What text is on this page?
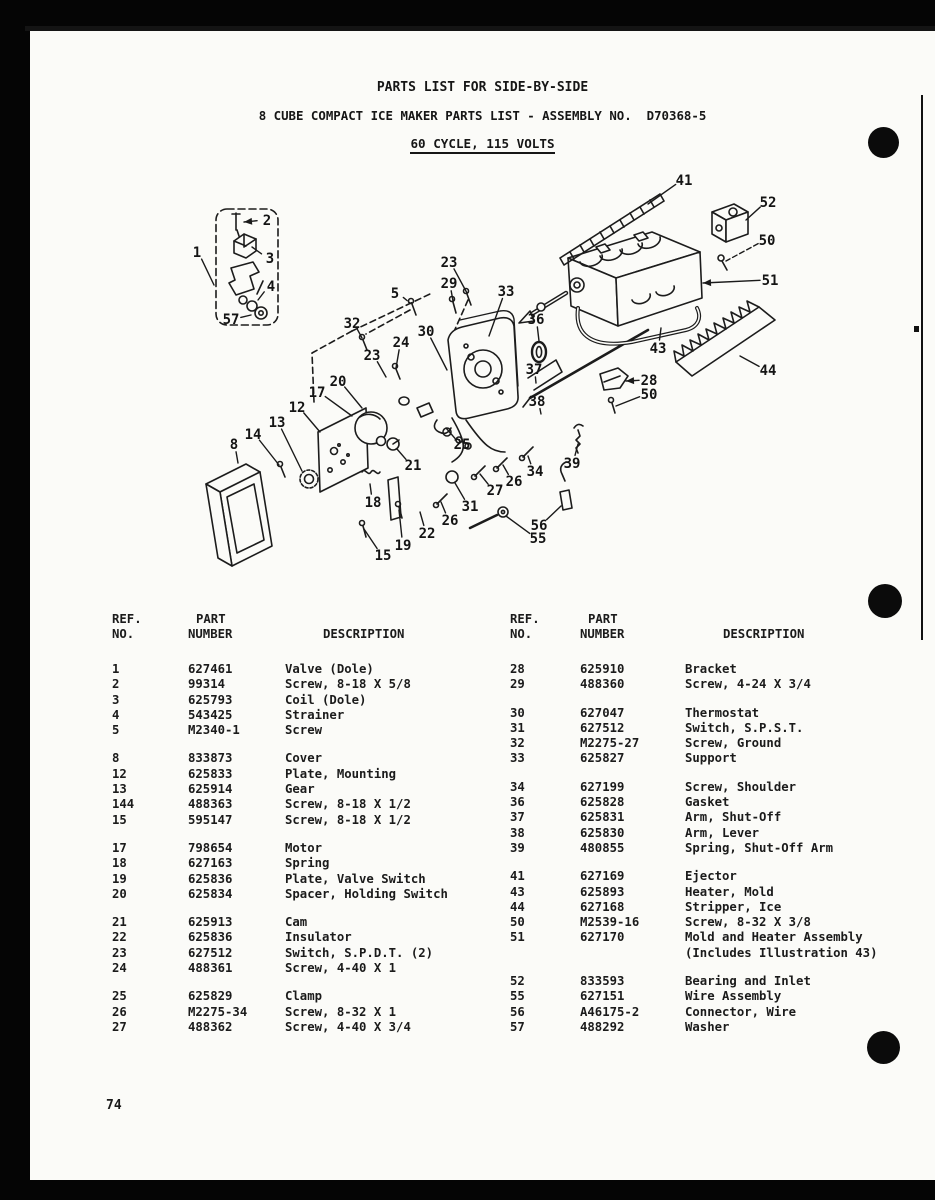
PARTS LIST FOR SIDE-BY-SIDE
8 CUBE COMPACT ICE MAKER PARTS LIST - ASSEMBLY NO.  D70368-5
60 CYCLE, 115 VOLTS
REF.
NO.
PART
NUMBER	DESCRIPTION
1	627461	Valve (Dole)
2	99314	Screw, 8-18 X 5/8
3	625793	Coil (Dole)
4	543425	Strainer
5	M2340-1	Screw
8	833873	Cover
12	625833	Plate, Mounting
13	625914	Gear
144	488363	Screw, 8-18 X 1/2
15	595147	Screw, 8-18 X 1/2
17	798654	Motor
18	627163	Spring
19	625836	Plate, Valve Switch
20	625834	Spacer, Holding Switch
21	625913	Cam
22	625836	Insulator
23	627512	Switch, S.P.D.T. (2)
24	488361	Screw, 4-40 X 1
25	625829	Clamp
26	M2275-34	Screw, 8-32 X 1
27	488362	Screw, 4-40 X 3/4
REF.
NO.
PART
NUMBER	DESCRIPTION
28	625910	Bracket
29	488360	Screw, 4-24 X 3/4
30	627047	Thermostat
31	627512	Switch, S.P.S.T.
32	M2275-27	Screw, Ground
33	625827	Support
34	627199	Screw, Shoulder
36	625828	Gasket
37	625831	Arm, Shut-Off
38	625830	Arm, Lever
39	480855	Spring, Shut-Off Arm
41	627169	Ejector
43	625893	Heater, Mold
44	627168	Stripper, Ice
50	M2539-16	Screw, 8-32 X 3/8
51	627170	Mold and Heater Assembly
(Includes Illustration 43)
52	833593	Bearing and Inlet
55	627151	Wire Assembly
56	A46175-2	Connector, Wire
57	488292	Washer
74
1
2
3
4
57
5
23
29	33
32
24
23
30
36
37
38
20
17
12
13
14
8
21
25
26
34 39
27
18	31
26
22
19
15
56
55
41
52
50
51
43
44
28
50
